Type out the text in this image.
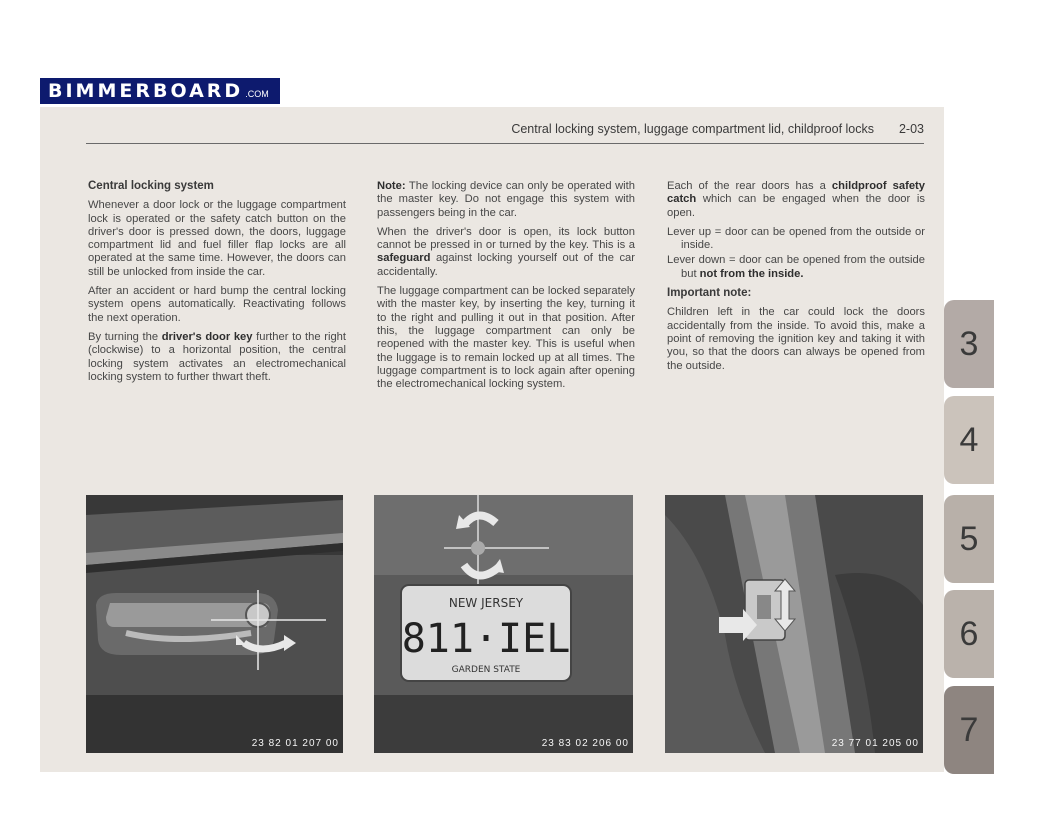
BIMMERBOARD .COM
Central locking system, luggage compartment lid, childproof locks 2-03
Central locking system

Whenever a door lock or the luggage compartment lock is operated or the safety catch button on the driver's door is pressed down, the doors, luggage compartment lid and fuel filler flap locks are all operated at the same time. However, the doors can still be unlocked from inside the car.

After an accident or hard bump the central locking system opens automatically. Reactivating follows the next operation.

By turning the driver's door key further to the right (clockwise) to a horizontal position, the central locking system activates an electromechanical locking system to further thwart theft.

Note: The locking device can only be operated with the master key. Do not engage this system with passengers being in the car.

When the driver's door is open, its lock button cannot be pressed in or turned by the key. This is a safeguard against locking yourself out of the car accidentally.

The luggage compartment can be locked separately with the master key, by inserting the key, turning it to the right and pulling it out in that position. After this, the luggage compartment can only be reopened with the master key. This is useful when the luggage is to remain locked up at all times. The luggage compartment is to lock again after opening the electromechanical locking system.

Each of the rear doors has a childproof safety catch which can be engaged when the door is open.

Lever up = door can be opened from the outside or inside.

Lever down = door can be opened from the outside but not from the inside.

Important note:

Children left in the car could lock the doors accidentally from the inside. To avoid this, make a point of removing the ignition key and taking it with you, so that the doors can always be opened from the outside.

23 82 01 207 00
NEW JERSEY
811·IEL
GARDEN STATE
23 83 02 206 00	23 77 01 205 00
3
4
5
6
7
